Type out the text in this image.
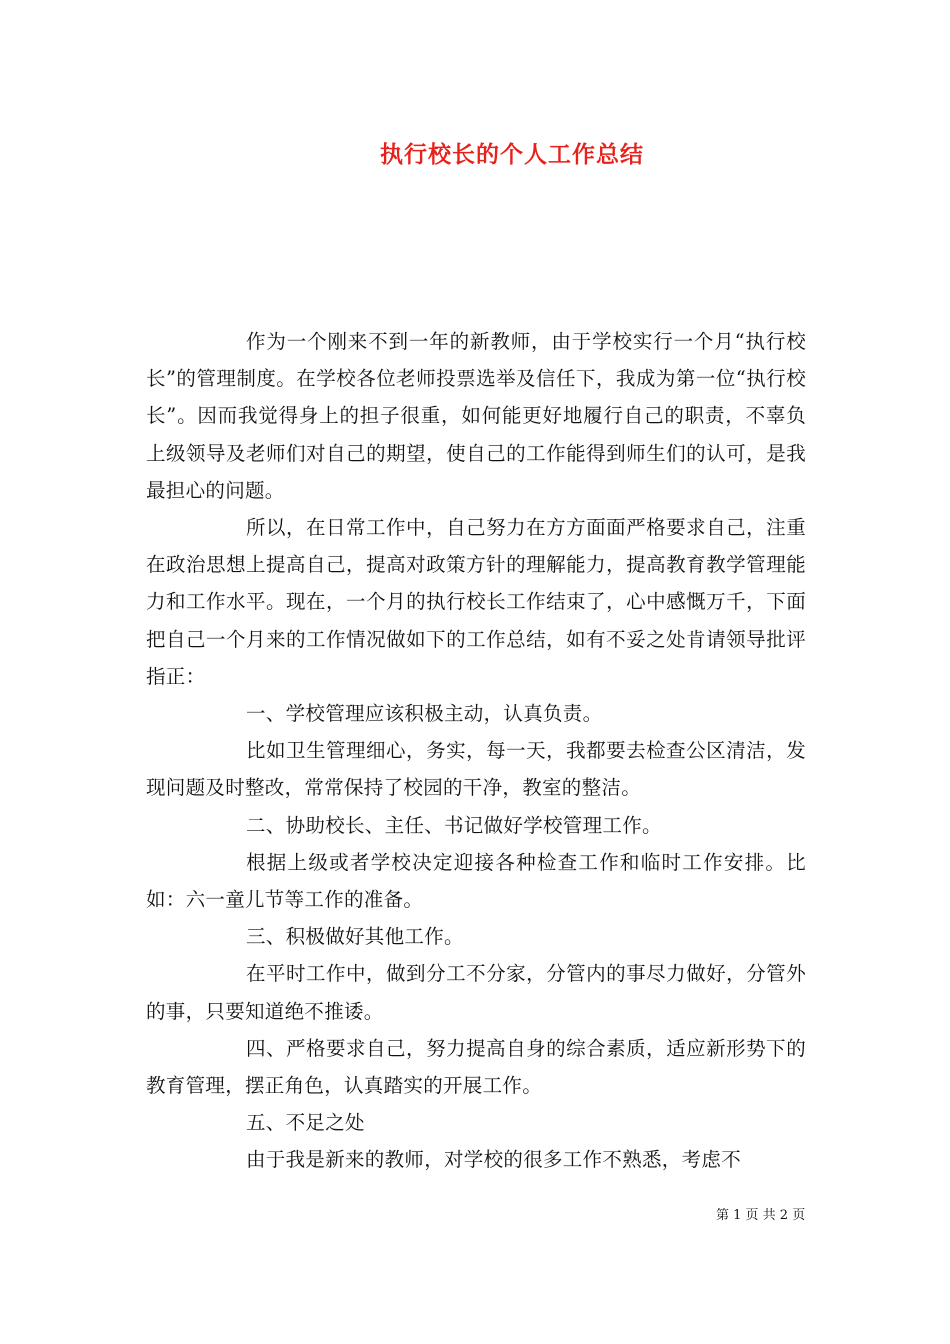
执行校长的个人工作总结

作为一个刚来不到一年的新教师，由于学校实行一个月“执行校长”的管理制度。在学校各位老师投票选举及信任下，我成为第一位“执行校长”。因而我觉得身上的担子很重，如何能更好地履行自己的职责，不辜负上级领导及老师们对自己的期望，使自己的工作能得到师生们的认可，是我最担心的问题。

所以，在日常工作中，自己努力在方方面面严格要求自己，注重在政治思想上提高自己，提高对政策方针的理解能力，提高教育教学管理能力和工作水平。现在，一个月的执行校长工作结束了，心中感慨万千，下面把自己一个月来的工作情况做如下的工作总结，如有不妥之处肯请领导批评指正：

一、学校管理应该积极主动，认真负责。

比如卫生管理细心，务实，每一天，我都要去检查公区清洁，发现问题及时整改，常常保持了校园的干净，教室的整洁。

二、协助校长、主任、书记做好学校管理工作。

根据上级或者学校决定迎接各种检查工作和临时工作安排。比如：六一童儿节等工作的准备。

三、积极做好其他工作。

在平时工作中，做到分工不分家，分管内的事尽力做好，分管外的事，只要知道绝不推诿。

四、严格要求自己，努力提高自身的综合素质，适应新形势下的教育管理，摆正角色，认真踏实的开展工作。

五、不足之处

由于我是新来的教师，对学校的很多工作不熟悉，考虑不

第 1 页 共 2 页
